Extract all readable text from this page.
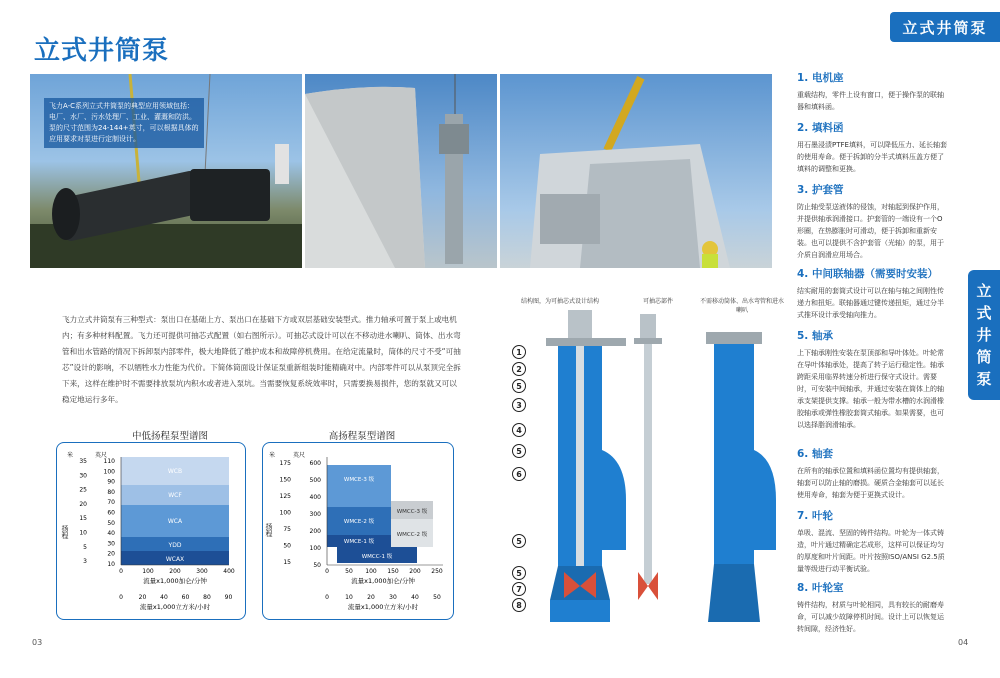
立式井筒泵
立式井筒泵
立
式
井
筒
泵
飞力A-C系列立式井筒泵的典型应用领域包括：电厂、水厂、污水处理厂、工业、灌溉和防洪。泵的尺寸范围为24-144+英寸，可以根据具体的应用要求对泵进行定制设计。
飞力立式井筒泵有三种型式：泵出口在基础上方、泵出口在基础下方或双层基础安装型式。推力轴承可置于泵上或电机内；有多种材料配置。飞力还可提供可抽芯式配置（如右图所示）。可抽芯式设计可以在不移动进水喇叭、筒体、出水弯管和出水管路的情况下拆卸泵内部零件，极大地降低了维护成本和故障停机费用。在给定流量时，筒体的尺寸不受“可抽芯”设计的影响，不以牺牲水力性能为代价。下简体筒面设计保证泵重新组装时能精确对中。内部零件可以从泵顶完全拆下来，这样在维护时不需要排放泵坑内积水或者进入泵坑。当需要恢复系统效率时，只需要换易损件，您的泵就又可以稳定地运行多年。
中低扬程泵型谱图
米	英尺
扬程
WCB
WCF
WCA
YDD
WCAX
35
30
25
20
15
10
5
3
110
100
90
80
70
60
50
40
30
20
10
0	100	200	300	400
流量x1,000加仑/分钟
0	20 40 60 80 90
流量x1,000立方米/小时
高扬程泵型谱图
米	英尺
扬程
WMCE-3 级
WMCE-2 级
WMCE-1 级
WMCC-1 级
WMCC-3 级
WMCC-2 级
175
150
125
100
75
50
15
600
500
400
300
200
100
50
0	50 100 150 200 250
流量x1,000加仑/分钟
0	10 20 30 40 50
流量x1,000立方米/小时
结构图，为可抽芯式设计结构	可抽芯部件	不需移动筒体、出水弯管和进水喇叭
1
2
5
3
4
5
6
5
5
7
8
1. 电机座

重载结构，零件上设有窗口，便于操作泵的联轴器和填料函。

2. 填料函

用石墨浸渍PTFE填料，可以降低压力、延长轴套的使用寿命。便于拆卸的分半式填料压盖方便了填料的调整和更换。

3. 护套管

防止轴受泵送液体的侵蚀，对轴起到保护作用，并提供轴承润滑接口。护套管的一端设有一个O形圈，在热膨胀时可滑动，便于拆卸和重新安装。也可以提供不含护套管（光轴）的泵，用于介质自润滑应用场合。

4. 中间联轴器（需要时安装）

结实耐用的套筒式设计可以在轴与轴之间刚性传递力和扭矩。联轴器通过键传递扭矩，通过分半式推环设计承受轴向推力。

5. 轴承

上下轴承刚性安装在泵顶部和导叶体处。叶轮常在导叶体轴承处，提高了转子运行稳定性。轴承跨距采用临界转速分析进行保守式设计。需要时，可安装中间轴承，并通过安装在筒体上的轴承支架提供支撑。轴承一般为带水槽的水润滑橡胶轴承或弹性橡胶套筒式轴承。如果需要，也可以选择脂润滑轴承。

6. 轴套

在所有的轴承位置和填料函位置均有提供轴套，轴套可以防止轴的磨损。硬质合金轴套可以延长使用寿命，轴套为便于更换式设计。

7. 叶轮

单吸、混流、坚固的铸件结构。叶轮为一体式铸造，叶片通过精确定芯成形，这样可以保证均匀的厚度和叶片间距。叶片按照ISO/ANSI G2.5质量等级进行动平衡试验。

8. 叶轮室

铸件结构，材质与叶轮相同，具有较长的耐磨寿命，可以减少故障停机时间。设计上可以恢复运转间隙，经济性好。

03	04
